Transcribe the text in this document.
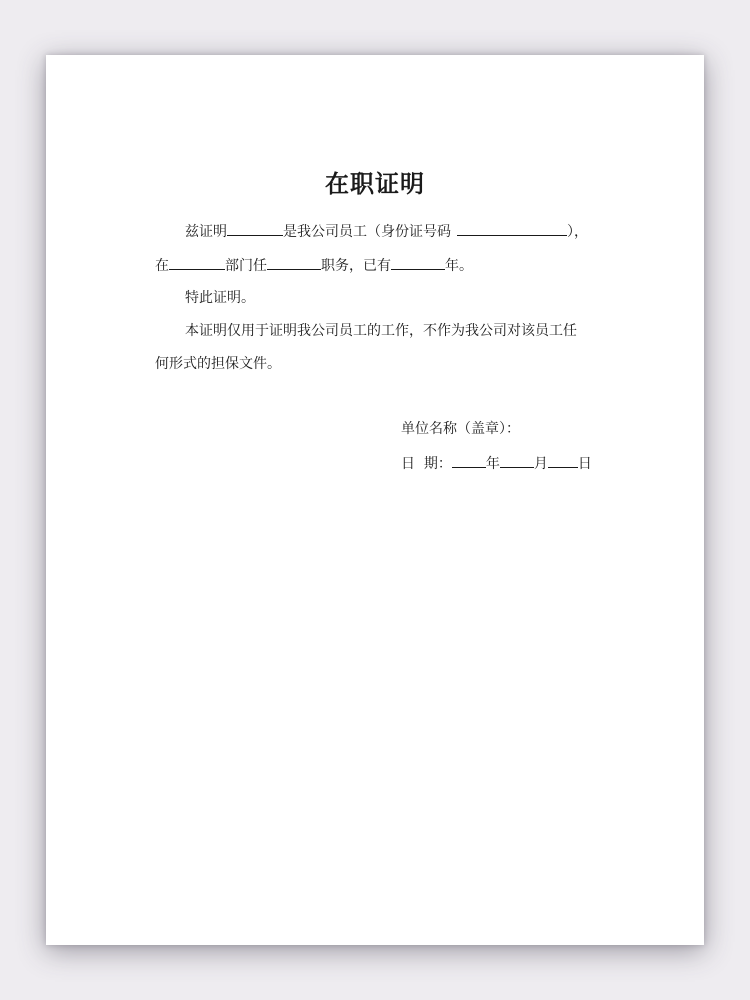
在职证明
兹证明	是我公司员工（身份证号码	），
在	部门任	职务，已有	年。
特此证明。
本证明仅用于证明我公司员工的工作，不作为我公司对该员工任
何形式的担保文件。
单位名称（盖章）：
日  期： 年 月 日
